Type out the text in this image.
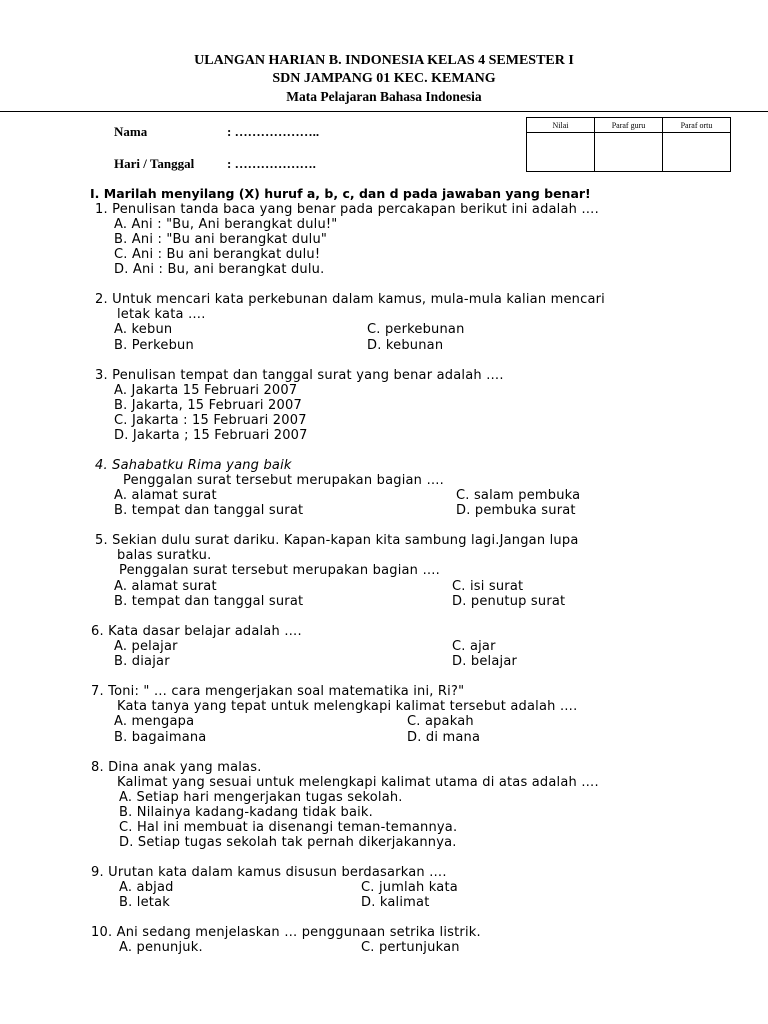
ULANGAN HARIAN B. INDONESIA KELAS 4 SEMESTER I
SDN JAMPANG 01 KEC. KEMANG
Mata Pelajaran Bahasa Indonesia
Nama	: ………………..
Hari / Tanggal	: ……………….
Nilai	Paraf guru	Paraf ortu

I. Marilah menyilang (X) huruf a, b, c, dan d pada jawaban yang benar!
1. Penulisan tanda baca yang benar pada percakapan berikut ini adalah ….
A. Ani : "Bu, Ani berangkat dulu!"
B. Ani : "Bu ani berangkat dulu"
C. Ani : Bu ani berangkat dulu!
D. Ani : Bu, ani berangkat dulu.
2. Untuk mencari kata perkebunan dalam kamus, mula-mula kalian mencari
letak kata ….
A. kebun
B. Perkebun
C. perkebunan
D. kebunan
3. Penulisan tempat dan tanggal surat yang benar adalah ….
A. Jakarta 15 Februari 2007
B. Jakarta, 15 Februari 2007
C. Jakarta : 15 Februari 2007
D. Jakarta ; 15 Februari 2007
4. Sahabatku Rima yang baik
Penggalan surat tersebut merupakan bagian ….
A. alamat surat
B. tempat dan tanggal surat
C. salam pembuka
D. pembuka surat
5. Sekian dulu surat dariku. Kapan-kapan kita sambung lagi.Jangan lupa
balas suratku.
Penggalan surat tersebut merupakan bagian ….
A. alamat surat
B. tempat dan tanggal surat
C. isi surat
D. penutup surat
6. Kata dasar belajar adalah ….
A. pelajar
B. diajar
C. ajar
D. belajar
7. Toni: " … cara mengerjakan soal matematika ini, Ri?"
Kata tanya yang tepat untuk melengkapi kalimat tersebut adalah ….
A. mengapa
B. bagaimana
C. apakah
D. di mana
8. Dina anak yang malas.
Kalimat yang sesuai untuk melengkapi kalimat utama di atas adalah ….
A. Setiap hari mengerjakan tugas sekolah.
B. Nilainya kadang-kadang tidak baik.
C. Hal ini membuat ia disenangi teman-temannya.
D. Setiap tugas sekolah tak pernah dikerjakannya.
9. Urutan kata dalam kamus disusun berdasarkan ….
A. abjad
B. letak
C. jumlah kata
D. kalimat
10. Ani sedang menjelaskan … penggunaan setrika listrik.
A. penunjuk.	C. pertunjukan
